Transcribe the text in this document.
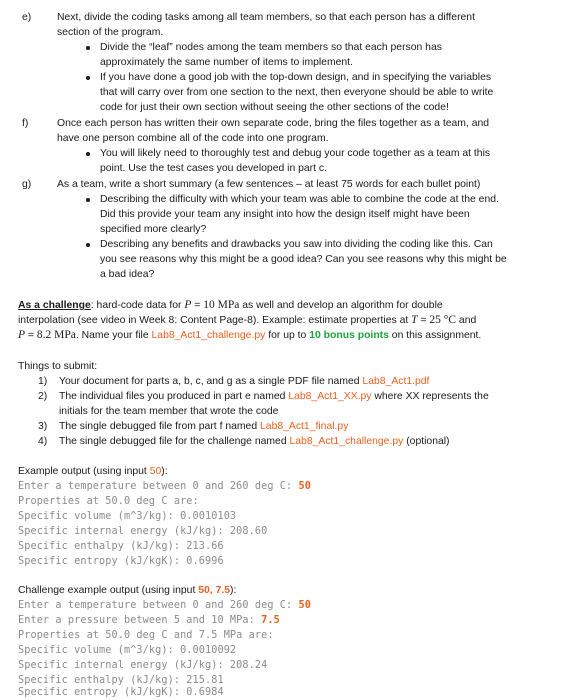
e) Next, divide the coding tasks among all team members, so that each person has a different
section of the program.
Divide the “leaf” nodes among the team members so that each person has
approximately the same number of items to implement.
If you have done a good job with the top-down design, and in specifying the variables
that will carry over from one section to the next, then everyone should be able to write
code for just their own section without seeing the other sections of the code!
f)	Once each person has written their own separate code, bring the files together as a team, and
have one person combine all of the code into one program.
You will likely need to thoroughly test and debug your code together as a team at this
point. Use the test cases you developed in part c.
g) As a team, write a short summary (a few sentences – at least 75 words for each bullet point)
Describing the difficulty with which your team was able to combine the code at the end.
Did this provide your team any insight into how the design itself might have been
specified more clearly?
Describing any benefits and drawbacks you saw into dividing the coding like this. Can
you see reasons why this might be a good idea? Can you see reasons why this might be
a bad idea?
As a challenge: hard-code data for P = 10 MPa as well and develop an algorithm for double
interpolation (see video in Week 8: Content Page-8). Example: estimate properties at T = 25 °C and
P = 8.2 MPa. Name your file Lab8_Act1_challenge.py for up to 10 bonus points on this assignment.
Things to submit:
1) Your document for parts a, b, c, and g as a single PDF file named Lab8_Act1.pdf
2) The individual files you produced in part e named Lab8_Act1_XX.py where XX represents the
initials for the team member that wrote the code
3) The single debugged file from part f named Lab8_Act1_final.py
4) The single debugged file for the challenge named Lab8_Act1_challenge.py (optional)
Example output (using input 50):
Enter a temperature between 0 and 260 deg C: 50
Properties at 50.0 deg C are:
Specific volume (m^3/kg): 0.0010103
Specific internal energy (kJ/kg): 208.60
Specific enthalpy (kJ/kg): 213.66
Specific entropy (kJ/kgK): 0.6996
Challenge example output (using input 50, 7.5):
Enter a temperature between 0 and 260 deg C: 50
Enter a pressure between 5 and 10 MPa: 7.5
Properties at 50.0 deg C and 7.5 MPa are:
Specific volume (m^3/kg): 0.0010092
Specific internal energy (kJ/kg): 208.24
Specific enthalpy (kJ/kg): 215.81
Specific entropy (kJ/kgK): 0.6984
